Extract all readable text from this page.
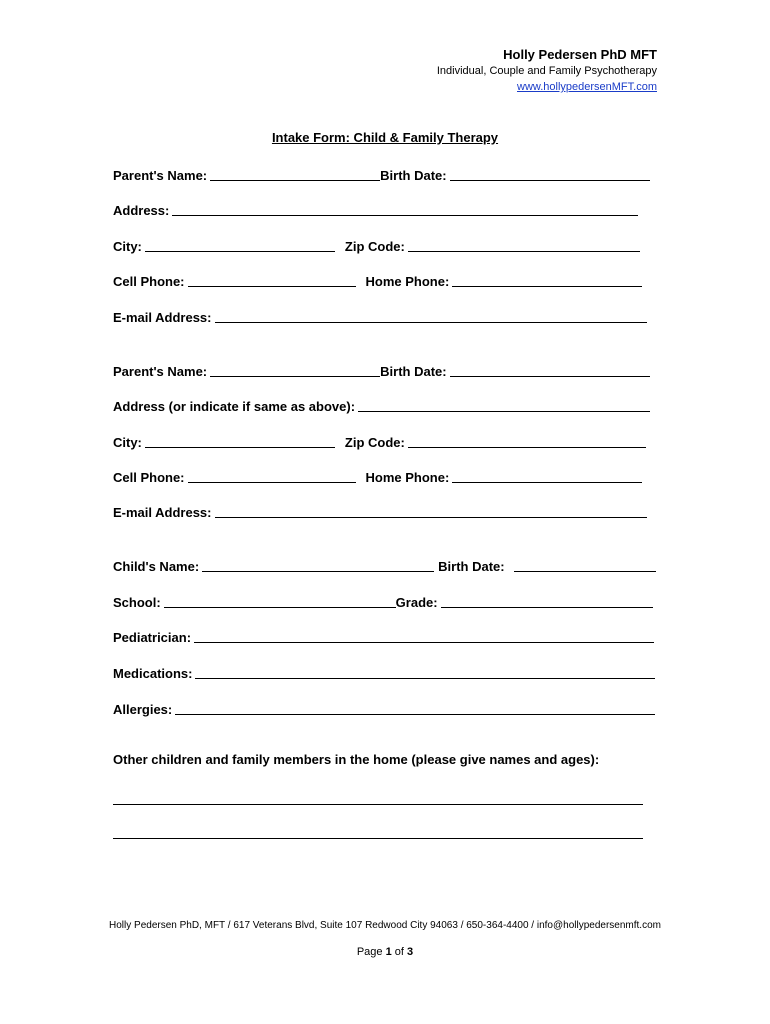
Holly Pedersen PhD MFT
Individual, Couple and Family Psychotherapy
www.hollypedersenMFT.com
Intake Form: Child & Family Therapy
Parent's Name:	Birth Date:
Address:
City:	Zip Code:
Cell Phone:	Home Phone:
E-mail Address:
Parent's Name:	Birth Date:
Address (or indicate if same as above):
City:	Zip Code:
Cell Phone:	Home Phone:
E-mail Address:
Child's Name:	Birth Date:
School:	Grade:
Pediatrician:
Medications:
Allergies:
Other children and family members in the home (please give names and ages):
Holly Pedersen PhD, MFT / 617 Veterans Blvd, Suite 107 Redwood City 94063 / 650-364-4400 / info@hollypedersenmft.com
Page 1 of 3
